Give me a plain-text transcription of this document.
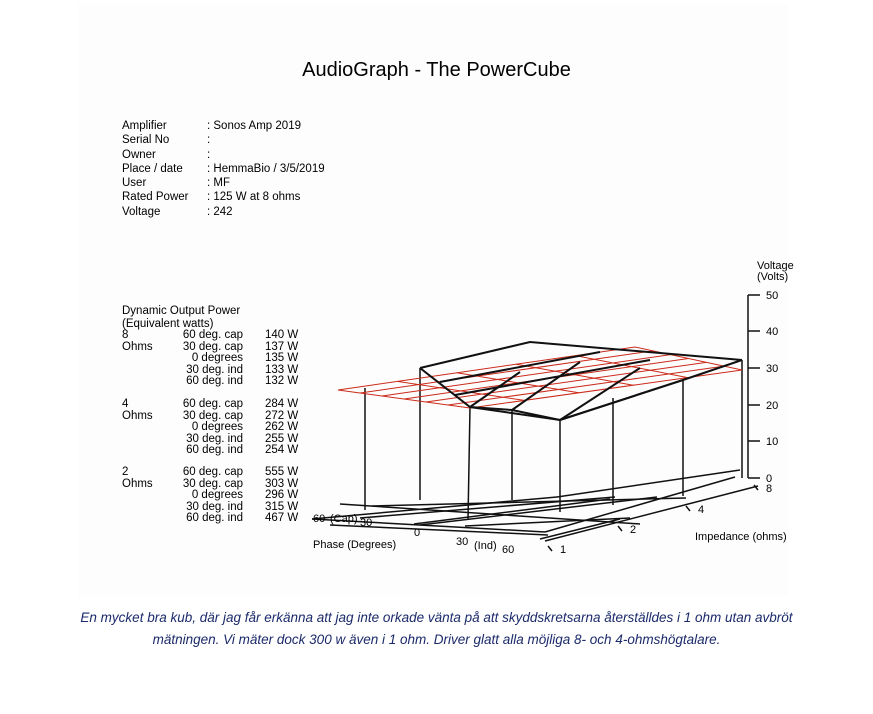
AudioGraph - The PowerCube
Amplifier	: Sonos Amp 2019
Serial No	:
Owner	:
Place / date	: HemmaBio / 3/5/2019
User	: MF
Rated Power	: 125 W at 8 ohms
Voltage	: 242
Dynamic Output Power
(Equivalent watts)
8 Ohms
60 deg. cap 140 W
30 deg. cap 137 W
0 degrees 135 W
30 deg. ind 133 W
60 deg. ind 132 W
4 Ohms
60 deg. cap 284 W
30 deg. cap 272 W
0 degrees 262 W
30 deg. ind 255 W
60 deg. ind 254 W
2 Ohms
60 deg. cap 555 W
30 deg. cap 303 W
0 degrees 296 W
30 deg. ind 315 W
60 deg. ind 467 W
50
40
30
20
10
0
Voltage
(Volts)
1
2
4
8
Impedance (ohms)
60 (Cap) 30
0
30 (Ind) 60
Phase (Degrees)
En mycket bra kub, där jag får erkänna att jag inte orkade vänta på att skyddskretsarna återställdes i 1 ohm utan avbröt
mätningen. Vi mäter dock 300 w även i 1 ohm. Driver glatt alla möjliga 8- och 4-ohmshögtalare.
